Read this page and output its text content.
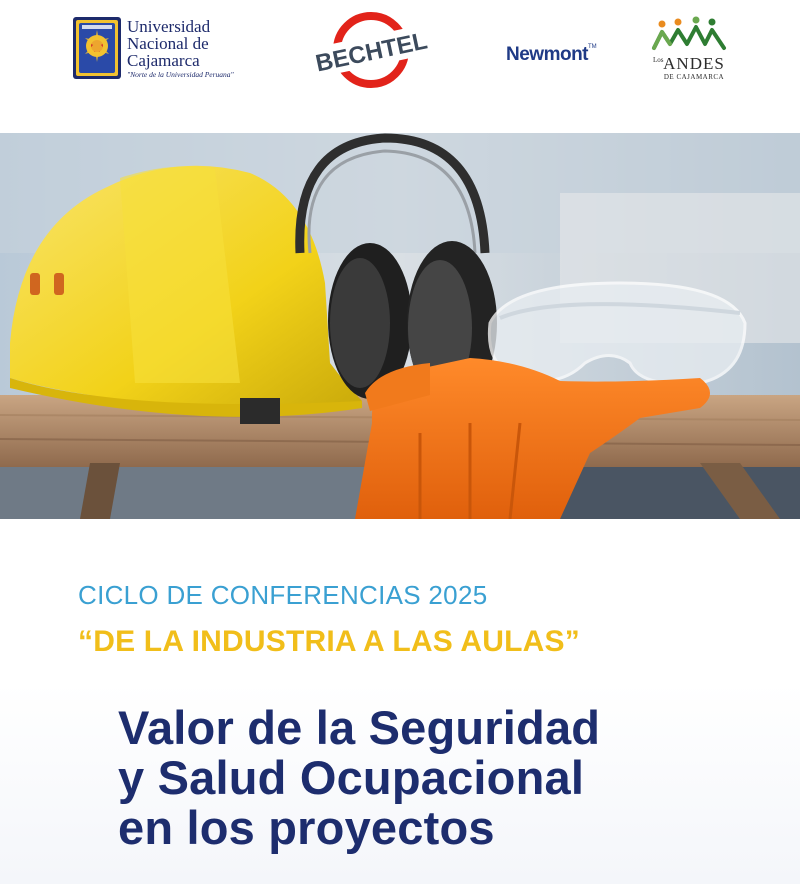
Universidad
Nacional de
Cajamarca
"Norte de la Universidad Peruana"	BECHTEL	Newmont™
Los ANDES
DE CAJAMARCA
CICLO DE CONFERENCIAS 2025
“DE LA INDUSTRIA A LAS AULAS”
Valor de la Seguridad
y Salud Ocupacional
en los proyectos
